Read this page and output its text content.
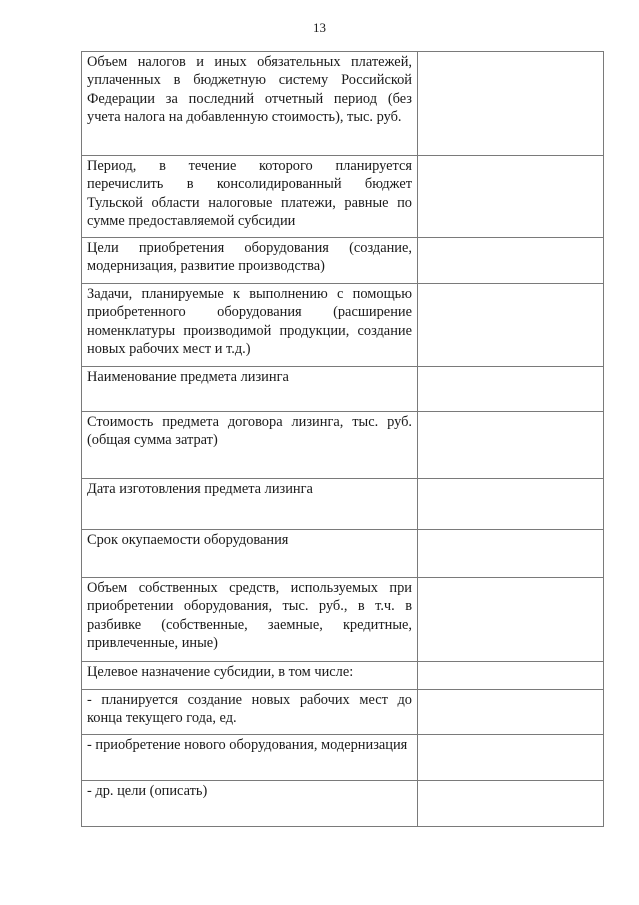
13
Объем налогов и иных обязательных платежей, уплаченных в бюджетную систему Российской Федерации за последний отчетный период (без учета налога на добавленную стоимость), тыс. руб.	
Период, в течение которого планируется перечислить в консолидированный бюджет Тульской области налоговые платежи, равные по сумме предоставляемой субсидии	
Цели приобретения оборудования (создание, модернизация, развитие производства)	
Задачи, планируемые к выполнению с помощью приобретенного оборудования (расширение номенклатуры производимой продукции, создание новых рабочих мест и т.д.)	
Наименование предмета лизинга	
Стоимость предмета договора лизинга, тыс. руб. (общая сумма затрат)	
Дата изготовления предмета лизинга	
Срок окупаемости оборудования	
Объем собственных средств, используемых при приобретении оборудования, тыс. руб., в т.ч. в разбивке (собственные, заемные, кредитные, привлеченные, иные)	
Целевое назначение субсидии, в том числе:	
- планируется создание новых рабочих мест до конца текущего года, ед.	
- приобретение нового оборудования, модернизация	
- др. цели (описать)	
